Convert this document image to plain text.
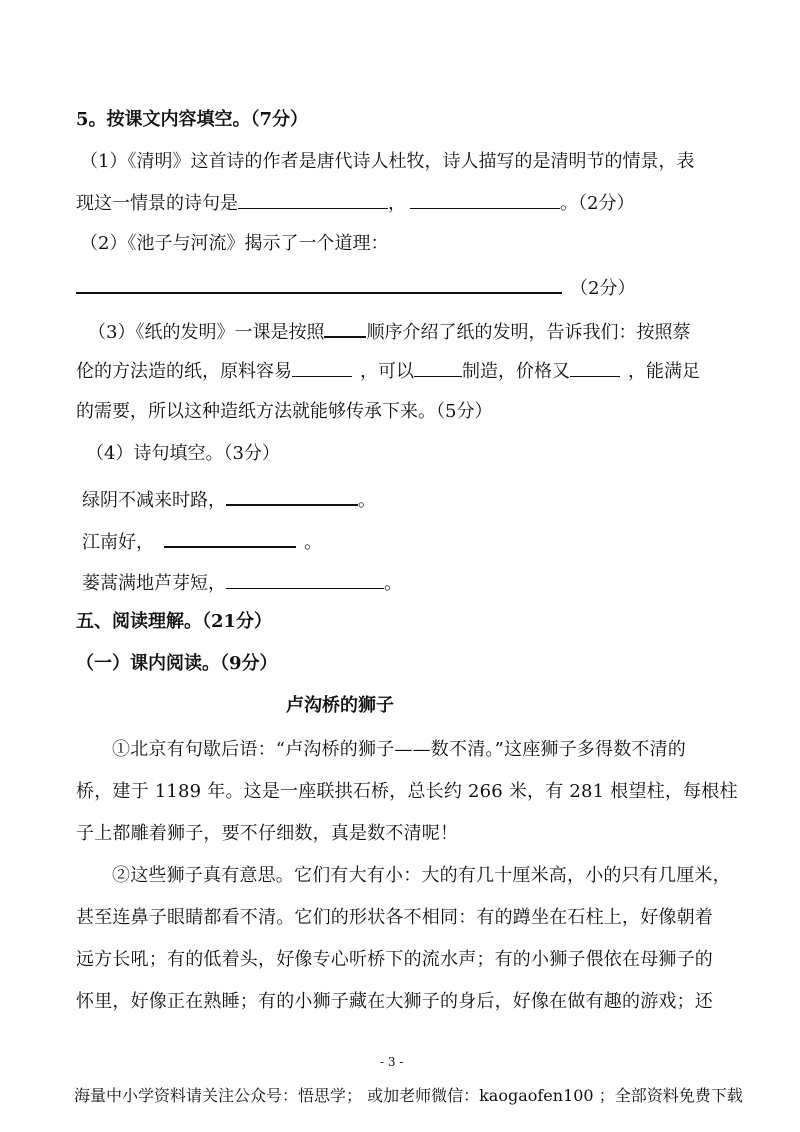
5。按课文内容填空。（7分）
（1）《清明》这首诗的作者是唐代诗人杜牧，诗人描写的是清明节的情景，表
现这一情景的诗句是	，	。（2分）
（2）《池子与河流》揭示了一个道理：
（2分）
（3）《纸的发明》一课是按照 顺序介绍了纸的发明，告诉我们：按照蔡
伦的方法造的纸，原料容易	，可以	制造，价格又	，能满足
的需要，所以这种造纸方法就能够传承下来。（5分）
（4）诗句填空。（3分）
绿阴不减来时路，	。
江南好，	。
蒌蒿满地芦芽短，	。
五、阅读理解。（21分）
（一）课内阅读。（9分）
卢沟桥的狮子
①北京有句歇后语：“卢沟桥的狮子——数不清。”这座狮子多得数不清的
桥，建于 1189 年。这是一座联拱石桥，总长约 266 米，有 281 根望柱，每根柱
子上都雕着狮子，要不仔细数，真是数不清呢！
②这些狮子真有意思。它们有大有小：大的有几十厘米高，小的只有几厘米，
甚至连鼻子眼睛都看不清。它们的形状各不相同：有的蹲坐在石柱上，好像朝着
远方长吼；有的低着头，好像专心听桥下的流水声；有的小狮子偎依在母狮子的
怀里，好像正在熟睡；有的小狮子藏在大狮子的身后，好像在做有趣的游戏；还
- 3 -
海量中小学资料请关注公众号：悟思学； 或加老师微信：kaogaofen100 ；全部资料免费下载
